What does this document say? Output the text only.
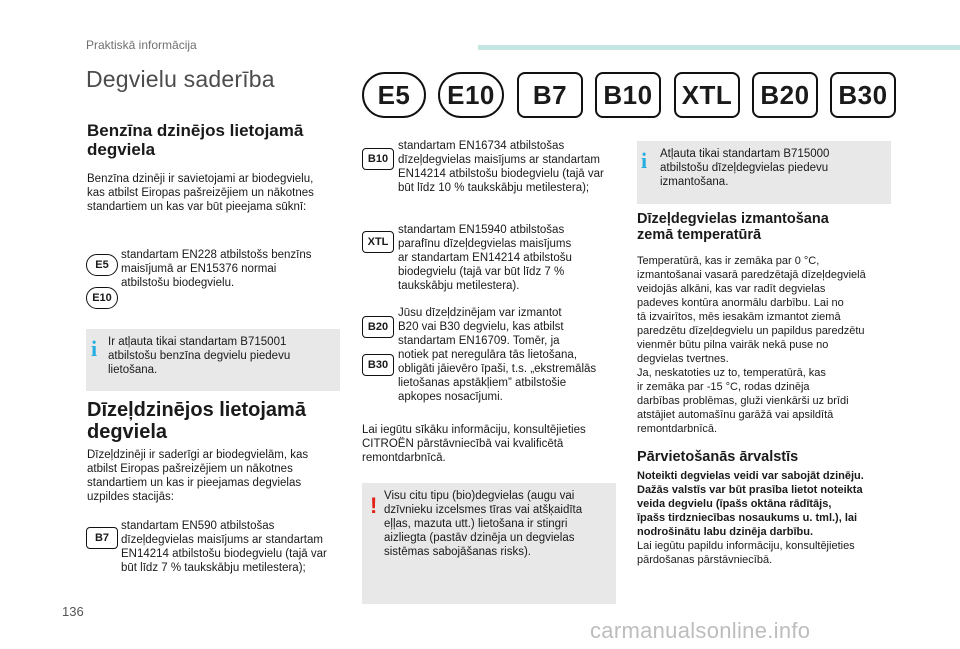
Praktiskā informācija
Degvielu saderība
E5	E10	B7	B10	XTL	B20	B30
Benzīna dzinējos lietojamā
degviela
Benzīna dzinēji ir savietojami ar biodegvielu,
kas atbilst Eiropas pašreizējiem un nākotnes
standartiem un kas var būt pieejama sūknī:
E5
E10
standartam EN228 atbilstošs benzīns
maisījumā ar EN15376 normai
atbilstošu biodegvielu.
i Ir atļauta tikai standartam B715001
atbilstošu benzīna degvielu piedevu
lietošana.
Dīzeļdzinējos lietojamā
degviela
Dīzeļdzinēji ir saderīgi ar biodegvielām, kas
atbilst Eiropas pašreizējiem un nākotnes
standartiem un kas ir pieejamas degvielas
uzpildes stacijās:
B7
standartam EN590 atbilstošas
dīzeļdegvielas maisījums ar standartam
EN14214 atbilstošu biodegvielu (tajā var
būt līdz 7 % taukskābju metilestera);
B10
standartam EN16734 atbilstošas
dīzeļdegvielas maisījums ar standartam
EN14214 atbilstošu biodegvielu (tajā var
būt līdz 10 % taukskābju metilestera);
XTL
standartam EN15940 atbilstošas
parafīnu dīzeļdegvielas maisījums
ar standartam EN14214 atbilstošu
biodegvielu (tajā var būt līdz 7 %
taukskābju metilestera).
B20
B30
Jūsu dīzeļdzinējam var izmantot
B20 vai B30 degvielu, kas atbilst
standartam EN16709. Tomēr, ja
notiek pat neregulāra tās lietošana,
obligāti jāievēro īpaši, t.s. „ekstremālās
lietošanas apstākļiem” atbilstošie
apkopes nosacījumi.
Lai iegūtu sīkāku informāciju, konsultējieties
CITROËN pārstāvniecībā vai kvalificētā
remontdarbnīcā.
! Visu citu tipu (bio)degvielas (augu vai
dzīvnieku izcelsmes tīras vai atšķaidīta
eļļas, mazuta utt.) lietošana ir stingri
aizliegta (pastāv dzinēja un degvielas
sistēmas sabojāšanas risks).
i Atļauta tikai standartam B715000
atbilstošu dīzeļdegvielas piedevu
izmantošana.
Dīzeļdegvielas izmantošana
zemā temperatūrā
Temperatūrā, kas ir zemāka par 0 °C,
izmantošanai vasarā paredzētajā dīzeļdegvielā
veidojās alkāni, kas var radīt degvielas
padeves kontūra anormālu darbību. Lai no
tā izvairītos, mēs iesakām izmantot ziemā
paredzētu dīzeļdegvielu un papildus paredzētu
vienmēr būtu pilna vairāk nekā puse no
degvielas tvertnes.
Ja, neskatoties uz to, temperatūrā, kas
ir zemāka par -15 °C, rodas dzinēja
darbības problēmas, gluži vienkārši uz brīdi
atstājiet automašīnu garāžā vai apsildītā
remontdarbnīcā.
Pārvietošanās ārvalstīs
Noteikti degvielas veidi var sabojāt dzinēju.
Dažās valstīs var būt prasība lietot noteikta
veida degvielu (īpašs oktāna rādītājs,
īpašs tirdzniecības nosaukums u. tml.), lai
nodrošinātu labu dzinēja darbību.
Lai iegūtu papildu informāciju, konsultējieties
pārdošanas pārstāvniecībā.
136
carmanualsonline.info
